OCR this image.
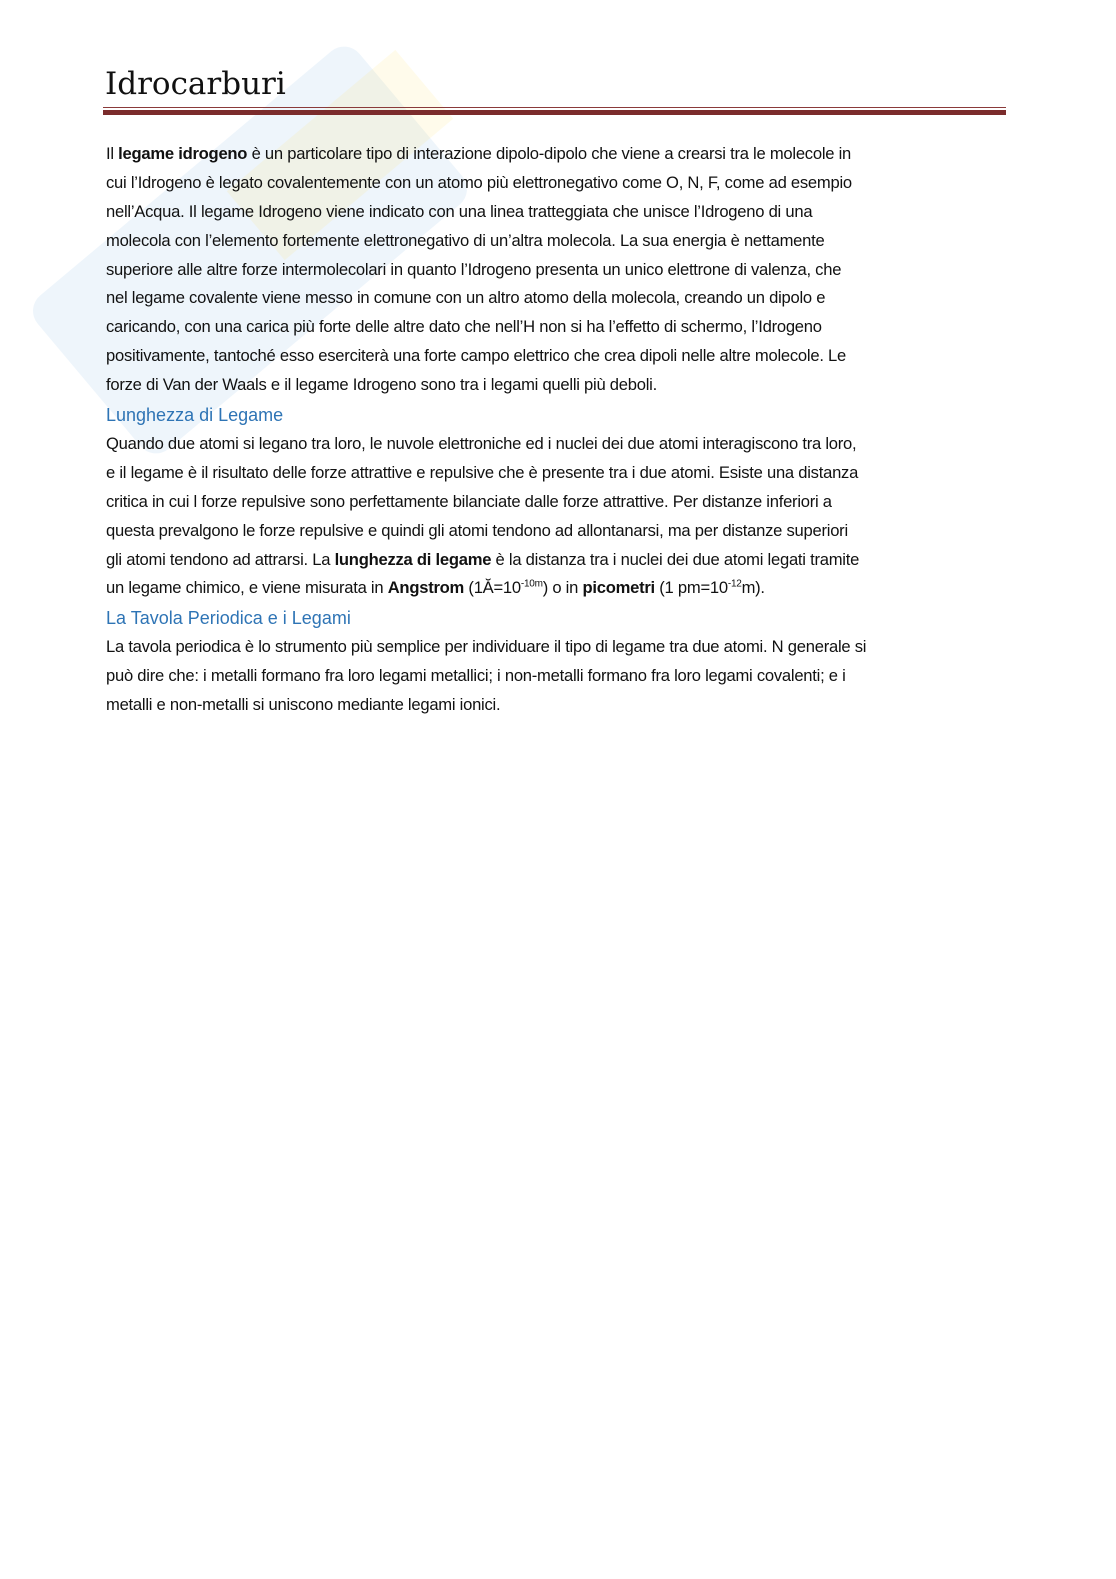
Idrocarburi
Il legame idrogeno è un particolare tipo di interazione dipolo-dipolo che viene a crearsi tra le molecole in
cui l’Idrogeno è legato covalentemente con un atomo più elettronegativo come O, N, F, come ad esempio
nell’Acqua. Il legame Idrogeno viene indicato con una linea tratteggiata che unisce l’Idrogeno di una
molecola con l’elemento fortemente elettronegativo di un’altra molecola. La sua energia è nettamente
superiore alle altre forze intermolecolari in quanto l’Idrogeno presenta un unico elettrone di valenza, che
nel legame covalente viene messo in comune con un altro atomo della molecola, creando un dipolo e
caricando, con una carica più forte delle altre dato che nell’H non si ha l’effetto di schermo, l’Idrogeno
positivamente, tantoché esso eserciterà una forte campo elettrico che crea dipoli nelle altre molecole. Le
forze di Van der Waals e il legame Idrogeno sono tra i legami quelli più deboli.
Lunghezza di Legame
Quando due atomi si legano tra loro, le nuvole elettroniche ed i nuclei dei due atomi interagiscono tra loro,
e il legame è il risultato delle forze attrattive e repulsive che è presente tra i due atomi. Esiste una distanza
critica in cui l forze repulsive sono perfettamente bilanciate dalle forze attrattive. Per distanze inferiori a
questa prevalgono le forze repulsive e quindi gli atomi tendono ad allontanarsi, ma per distanze superiori
gli atomi tendono ad attrarsi. La lunghezza di legame è la distanza tra i nuclei dei due atomi legati tramite
un legame chimico, e viene misurata in Angstrom $(1Ă=10^{-10m})$ o in picometri (1 $pm=10^{-12}m$).
La Tavola Periodica e i Legami
La tavola periodica è lo strumento più semplice per individuare il tipo di legame tra due atomi. N generale si
può dire che: i metalli formano fra loro legami metallici; i non-metalli formano fra loro legami covalenti; e i
metalli e non-metalli si uniscono mediante legami ionici.
